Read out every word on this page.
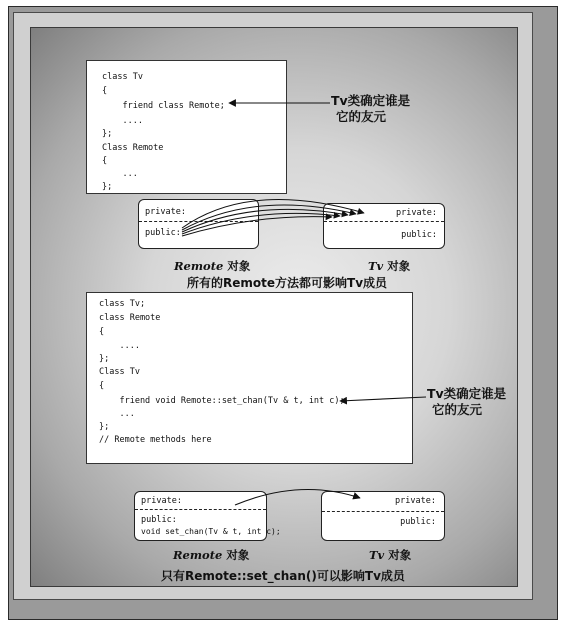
class Tv
{
friend class Remote;
....
};
Class Remote
{
...
};
Tv类确定谁是
它的友元
private:
public:
private:
public:
Remote 对象	Tv 对象
所有的Remote方法都可影响Tv成员
class Tv;
class Remote
{
....
};
Class Tv
{
friend void Remote::set_chan(Tv & t, int c);
...
};
// Remote methods here
Tv类确定谁是
它的友元
private:
public:
void set_chan(Tv & t, int c);
private:
public:
Remote 对象	Tv 对象
只有Remote::set_chan()可以影响Tv成员
